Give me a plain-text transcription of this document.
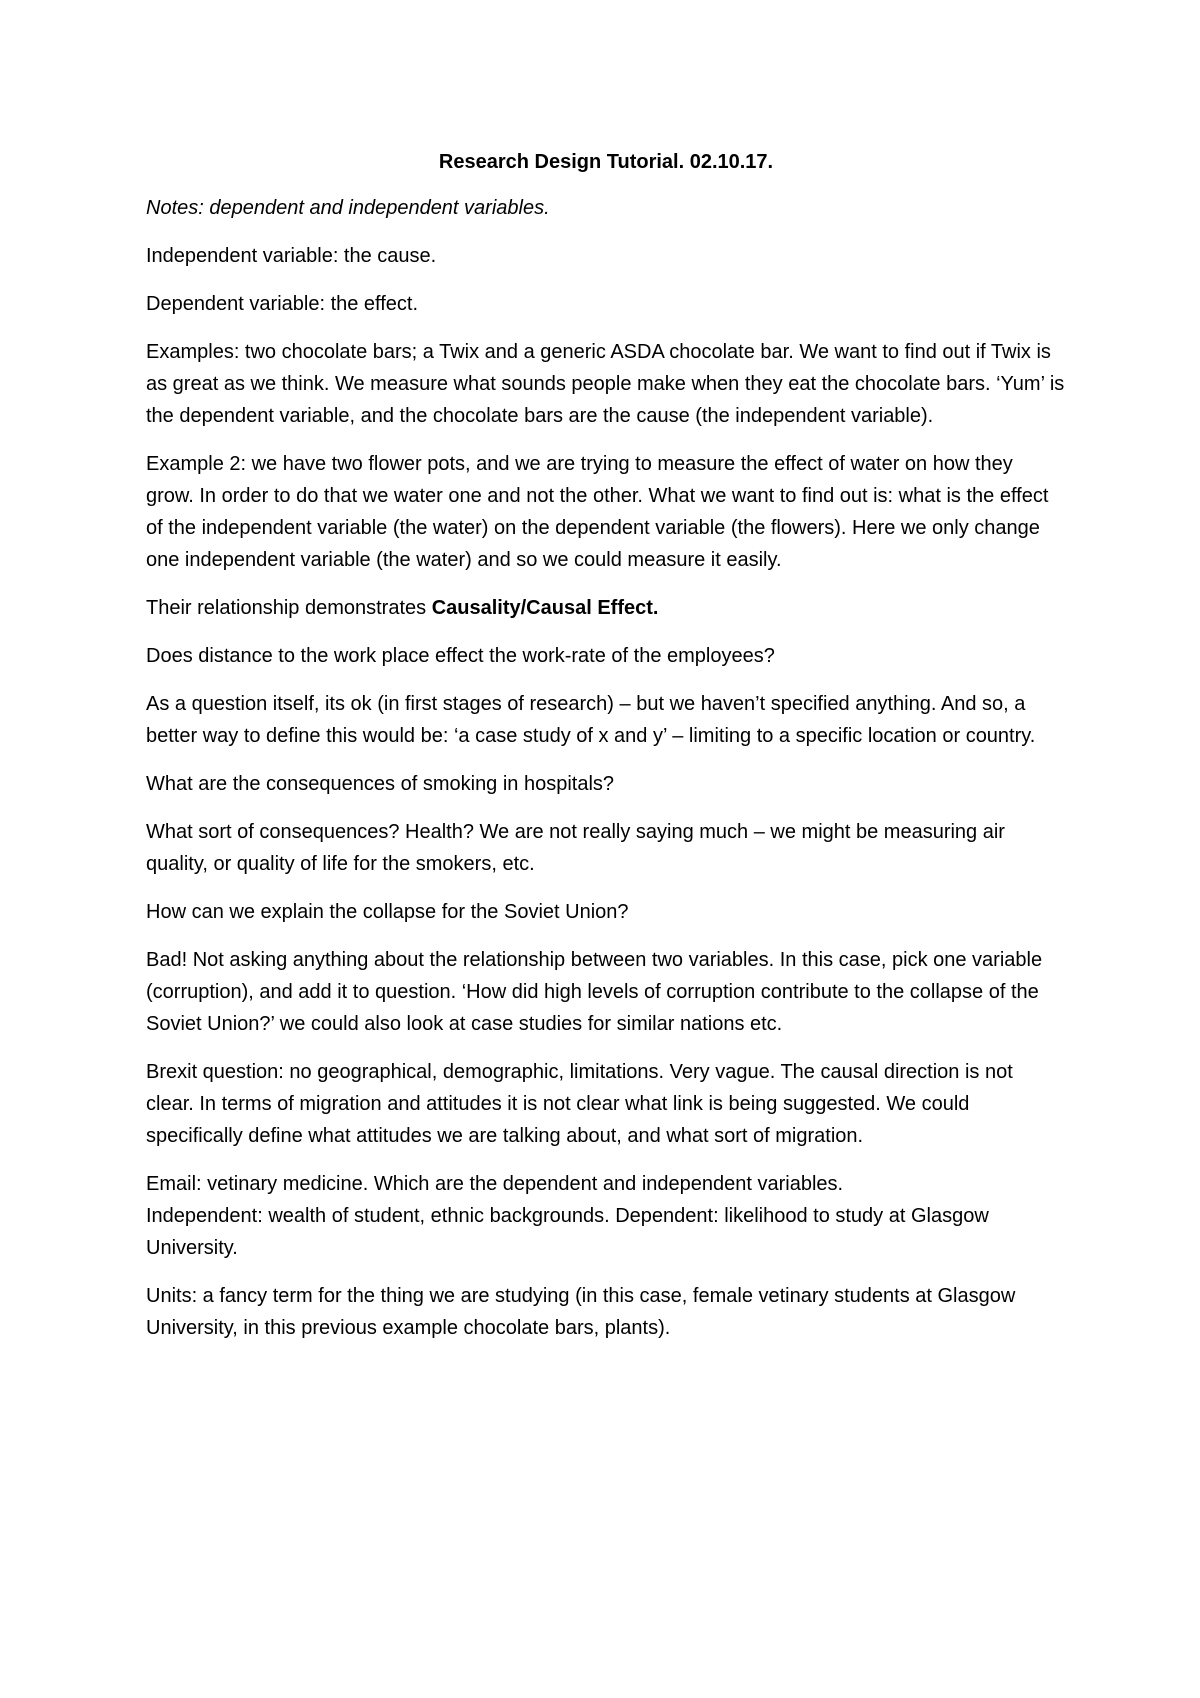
Research Design Tutorial. 02.10.17.

Notes: dependent and independent variables.

Independent variable: the cause.

Dependent variable: the effect.

Examples: two chocolate bars; a Twix and a generic ASDA chocolate bar. We want to find out if Twix is as great as we think. We measure what sounds people make when they eat the chocolate bars. ‘Yum’ is the dependent variable, and the chocolate bars are the cause (the independent variable).

Example 2: we have two flower pots, and we are trying to measure the effect of water on how they grow. In order to do that we water one and not the other. What we want to find out is: what is the effect of the independent variable (the water) on the dependent variable (the flowers). Here we only change one independent variable (the water) and so we could measure it easily.

Their relationship demonstrates Causality/Causal Effect.

Does distance to the work place effect the work-rate of the employees?

As a question itself, its ok (in first stages of research) – but we haven’t specified anything. And so, a better way to define this would be: ‘a case study of x and y’ – limiting to a specific location or country.

What are the consequences of smoking in hospitals?

What sort of consequences? Health? We are not really saying much – we might be measuring air quality, or quality of life for the smokers, etc.

How can we explain the collapse for the Soviet Union?

Bad! Not asking anything about the relationship between two variables. In this case, pick one variable (corruption), and add it to question. ‘How did high levels of corruption contribute to the collapse of the Soviet Union?’ we could also look at case studies for similar nations etc.

Brexit question: no geographical, demographic, limitations. Very vague. The causal direction is not clear. In terms of migration and attitudes it is not clear what link is being suggested. We could specifically define what attitudes we are talking about, and what sort of migration.

Email: vetinary medicine. Which are the dependent and independent variables.
Independent: wealth of student, ethnic backgrounds. Dependent: likelihood to study at Glasgow University.

Units: a fancy term for the thing we are studying (in this case, female vetinary students at Glasgow University, in this previous example chocolate bars, plants).
